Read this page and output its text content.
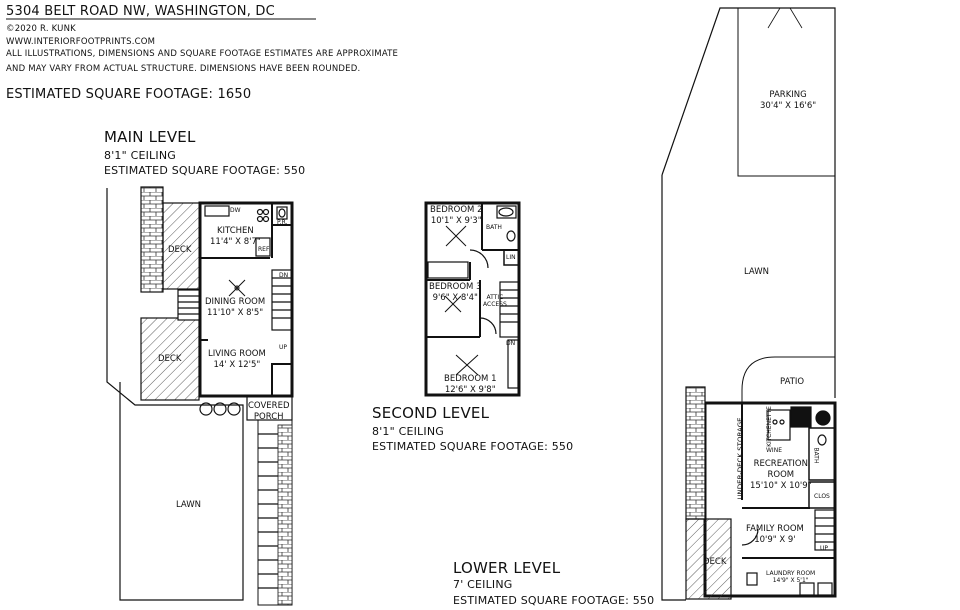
5304 BELT ROAD NW, WASHINGTON, DC
©2020 R. KUNK
WWW.INTERIORFOOTPRINTS.COM
ALL ILLUSTRATIONS, DIMENSIONS AND SQUARE FOOTAGE ESTIMATES ARE APPROXIMATE
AND MAY VARY FROM ACTUAL STRUCTURE. DIMENSIONS HAVE BEEN ROUNDED.
ESTIMATED SQUARE FOOTAGE: 1650
MAIN LEVEL
8'1" CEILING
ESTIMATED SQUARE FOOTAGE: 550
KITCHEN
11'4" X 8'7"
DINING ROOM
11'10" X 8'5"
LIVING ROOM
14' X 12'5"
DECK
DECK
COVERED
PORCH
LAWN
P.R.
DW
REF
DN
UP
SECOND LEVEL
8'1" CEILING
ESTIMATED SQUARE FOOTAGE: 550
BEDROOM 2
10'1" X 9'3"
BEDROOM 3
9'6" X 8'4"
BEDROOM 1
12'6" X 9'8"
BATH
LIN
ATTIC
ACCESS
DN
LOWER LEVEL
7' CEILING
ESTIMATED SQUARE FOOTAGE: 550
PARKING
30'4" X 16'6"
LAWN
PATIO
RECREATION
ROOM
15'10" X 10'9"
FAMILY ROOM
10'9" X 9'
LAUNDRY ROOM
14'9" X 5'1"
DECK
UNDER-DECK STORAGE	KITCHENETTE
BATH
CLOS
WINE
UP
